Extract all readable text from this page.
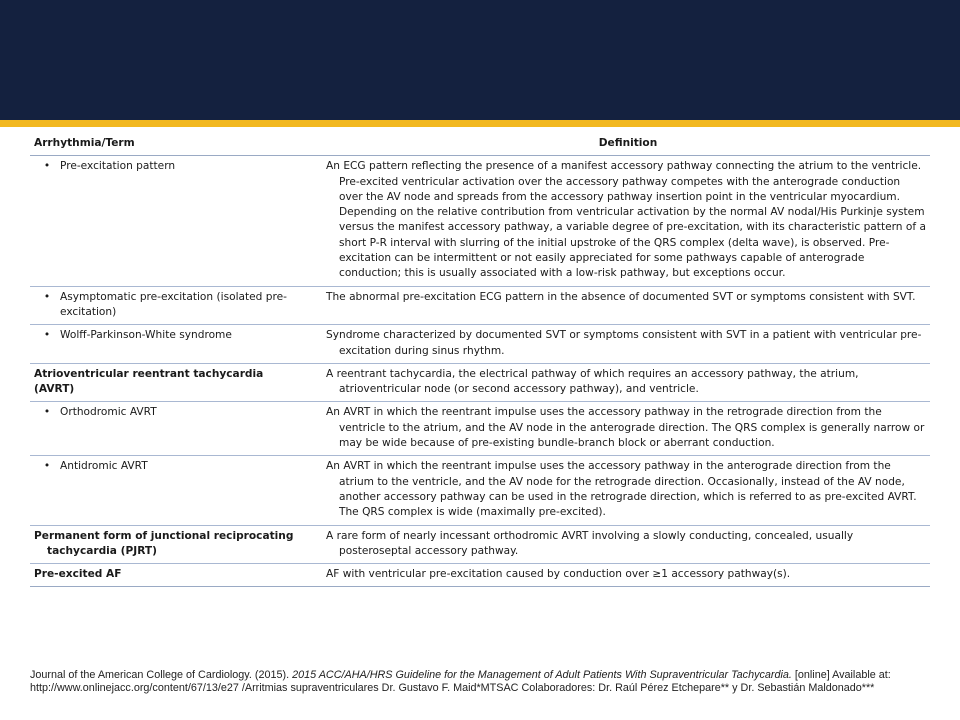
Arrhythmia/Term	Definition

• Pre-excitation pattern	An ECG pattern reflecting the presence of a manifest accessory pathway connecting the atrium to the ventricle. Pre-excited ventricular activation over the accessory pathway competes with the anterograde conduction over the AV node and spreads from the accessory pathway insertion point in the ventricular myocardium. Depending on the relative contribution from ventricular activation by the normal AV nodal/His Purkinje system versus the manifest accessory pathway, a variable degree of pre-excitation, with its characteristic pattern of a short P-R interval with slurring of the initial upstroke of the QRS complex (delta wave), is observed. Pre-excitation can be intermittent or not easily appreciated for some pathways capable of anterograde conduction; this is usually associated with a low-risk pathway, but exceptions occur.

• Asymptomatic pre-excitation (isolated pre-excitation)	The abnormal pre-excitation ECG pattern in the absence of documented SVT or symptoms consistent with SVT.

• Wolff-Parkinson-White syndrome	Syndrome characterized by documented SVT or symptoms consistent with SVT in a patient with ventricular pre-excitation during sinus rhythm.

Atrioventricular reentrant tachycardia (AVRT)	A reentrant tachycardia, the electrical pathway of which requires an accessory pathway, the atrium, atrioventricular node (or second accessory pathway), and ventricle.

• Orthodromic AVRT	An AVRT in which the reentrant impulse uses the accessory pathway in the retrograde direction from the ventricle to the atrium, and the AV node in the anterograde direction. The QRS complex is generally narrow or may be wide because of pre-existing bundle-branch block or aberrant conduction.

• Antidromic AVRT	An AVRT in which the reentrant impulse uses the accessory pathway in the anterograde direction from the atrium to the ventricle, and the AV node for the retrograde direction. Occasionally, instead of the AV node, another accessory pathway can be used in the retrograde direction, which is referred to as pre-excited AVRT. The QRS complex is wide (maximally pre-excited).

Permanent form of junctional reciprocating tachycardia (PJRT)	A rare form of nearly incessant orthodromic AVRT involving a slowly conducting, concealed, usually posteroseptal accessory pathway.

Pre-excited AF	AF with ventricular pre-excitation caused by conduction over ≥1 accessory pathway(s).
Journal of the American College of Cardiology. (2015). 2015 ACC/AHA/HRS Guideline for the Management of Adult Patients With Supraventricular Tachycardia. [online] Available at: http://www.onlinejacc.org/content/67/13/e27 /Arritmias supraventriculares Dr. Gustavo F. Maid*MTSAC Colaboradores: Dr. Raúl Pérez Etchepare** y Dr. Sebastián Maldonado***
